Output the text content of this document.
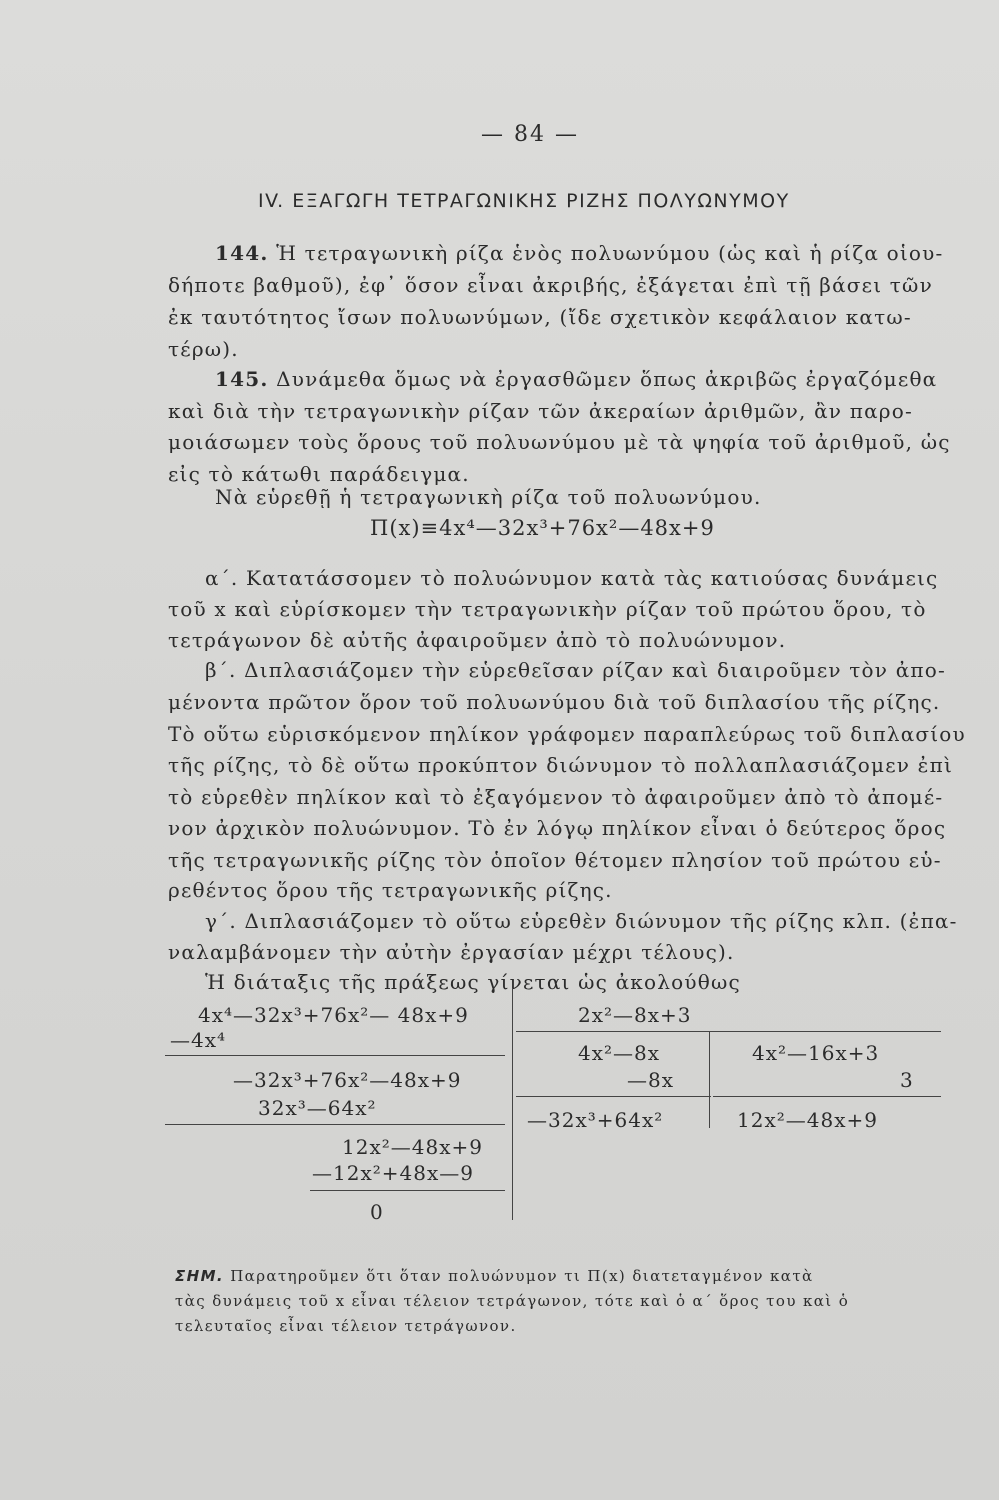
— 84 —
IV. ΕΞΑΓΩΓΗ ΤΕΤΡΑΓΩΝΙΚΗΣ ΡΙΖΗΣ ΠΟΛΥΩΝΥΜΟΥ
144. Ἡ τετραγωνικὴ ρίζα ἑνὸς πολυωνύμου (ὡς καὶ ἡ ρίζα οἱου-
δήποτε βαθμοῦ), ἐφ᾽ ὅσον εἶναι ἀκριβής, ἐξάγεται ἐπὶ τῇ βάσει τῶν
ἐκ ταυτότητος ἴσων πολυωνύμων, (ἴδε σχετικὸν κεφάλαιον κατω-
τέρω).
145. Δυνάμεθα ὅμως νὰ ἐργασθῶμεν ὅπως ἀκριβῶς ἐργαζόμεθα
καὶ διὰ τὴν τετραγωνικὴν ρίζαν τῶν ἀκεραίων ἀριθμῶν, ἂν παρο-
μοιάσωμεν τοὺς ὅρους τοῦ πολυωνύμου μὲ τὰ ψηφία τοῦ ἀριθμοῦ, ὡς
εἰς τὸ κάτωθι παράδειγμα.
Νὰ εὑρεθῇ ἡ τετραγωνικὴ ρίζα τοῦ πολυωνύμου.
Π(x)≡4x⁴—32x³+76x²—48x+9
α΄. Κατατάσσομεν τὸ πολυώνυμον κατὰ τὰς κατιούσας δυνάμεις
τοῦ x καὶ εὑρίσκομεν τὴν τετραγωνικὴν ρίζαν τοῦ πρώτου ὅρου, τὸ
τετράγωνον δὲ αὐτῆς ἀφαιροῦμεν ἀπὸ τὸ πολυώνυμον.
β΄. Διπλασιάζομεν τὴν εὑρεθεῖσαν ρίζαν καὶ διαιροῦμεν τὸν ἀπο-
μένοντα πρῶτον ὅρον τοῦ πολυωνύμου διὰ τοῦ διπλασίου τῆς ρίζης.
Τὸ οὕτω εὑρισκόμενον πηλίκον γράφομεν παραπλεύρως τοῦ διπλασίου
τῆς ρίζης, τὸ δὲ οὕτω προκύπτον διώνυμον τὸ πολλαπλασιάζομεν ἐπὶ
τὸ εὑρεθὲν πηλίκον καὶ τὸ ἐξαγόμενον τὸ ἀφαιροῦμεν ἀπὸ τὸ ἀπομέ-
νον ἀρχικὸν πολυώνυμον. Τὸ ἐν λόγῳ πηλίκον εἶναι ὁ δεύτερος ὅρος
τῆς τετραγωνικῆς ρίζης τὸν ὁποῖον θέτομεν πλησίον τοῦ πρώτου εὑ-
ρεθέντος ὅρου τῆς τετραγωνικῆς ρίζης.
γ΄. Διπλασιάζομεν τὸ οὕτω εὑρεθὲν διώνυμον τῆς ρίζης κλπ. (ἐπα-
ναλαμβάνομεν τὴν αὐτὴν ἐργασίαν μέχρι τέλους).
Ἡ διάταξις τῆς πράξεως γίνεται ὡς ἀκολούθως
4x⁴—32x³+76x²— 48x+9
—4x⁴
—32x³+76x²—48x+9
32x³—64x²
12x²—48x+9
—12x²+48x—9
0
2x²—8x+3
4x²—8x
—8x
—32x³+64x²
4x²—16x+3
3
12x²—48x+9
ΣΗΜ. Παρατηροῦμεν ὅτι ὅταν πολυώνυμον τι Π(x) διατεταγμένον κατὰ
τὰς δυνάμεις τοῦ x εἶναι τέλειον τετράγωνον, τότε καὶ ὁ α΄ ὅρος του καὶ ὁ
τελευταῖος εἶναι τέλειον τετράγωνον.
